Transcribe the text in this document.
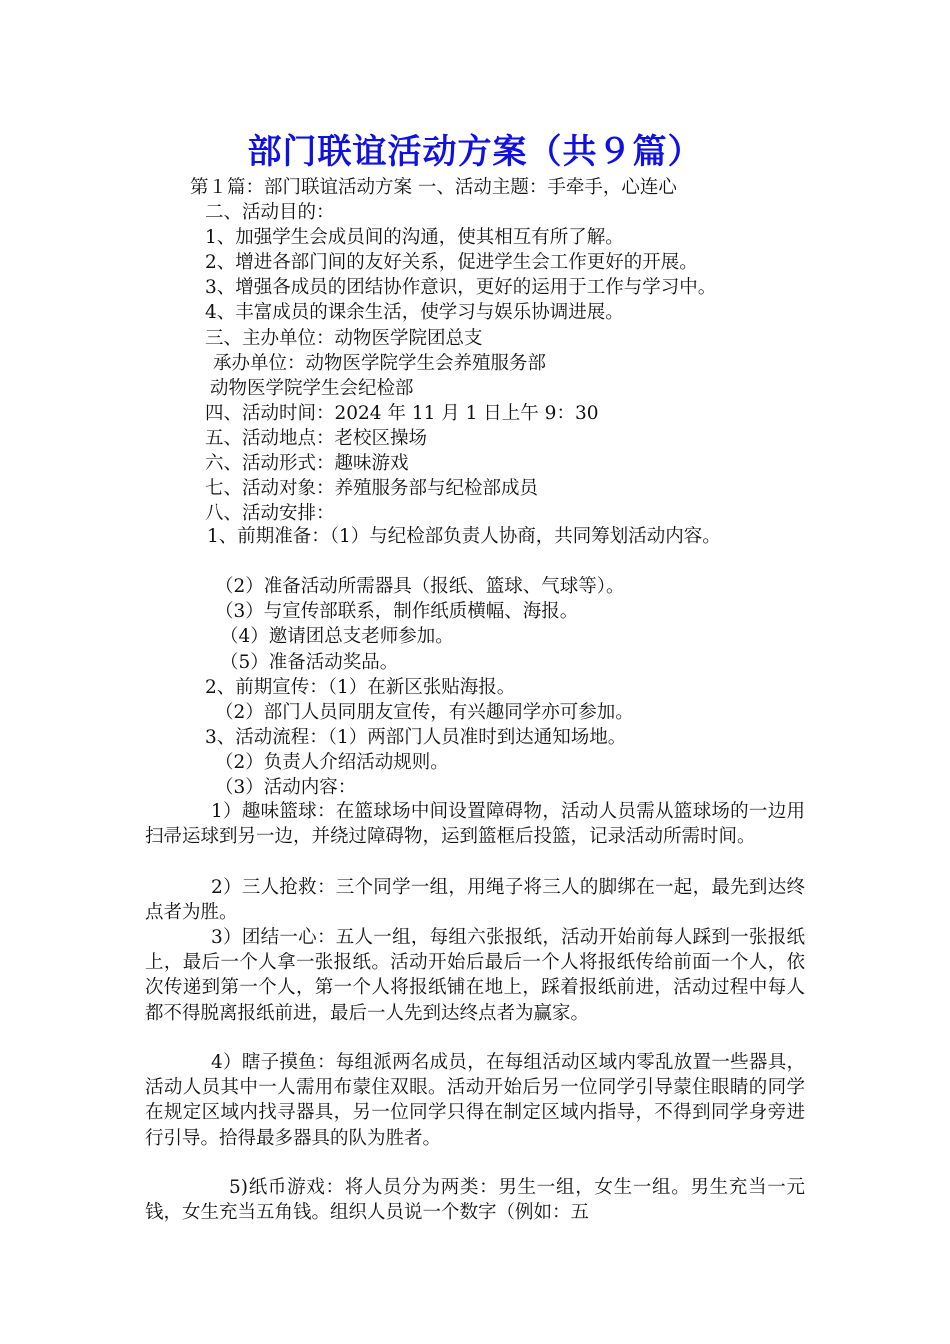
部门联谊活动方案（共９篇）
第１篇：部门联谊活动方案 一、活动主题：手牵手，心连心
二、活动目的：
1、加强学生会成员间的沟通，使其相互有所了解。
2、增进各部门间的友好关系，促进学生会工作更好的开展。
3、增强各成员的团结协作意识，更好的运用于工作与学习中。
4、丰富成员的课余生活，使学习与娱乐协调进展。
三、主办单位：动物医学院团总支
承办单位：动物医学院学生会养殖服务部
动物医学院学生会纪检部
四、活动时间：2024 年 11 月 1 日上午 9：30
五、活动地点：老校区操场
六、活动形式：趣味游戏
七、活动对象：养殖服务部与纪检部成员
八、活动安排：
1、前期准备：（1）与纪检部负责人协商，共同筹划活动内容。
（2）准备活动所需器具（报纸、篮球、气球等）。
（3）与宣传部联系，制作纸质横幅、海报。
（4）邀请团总支老师参加。
（5）准备活动奖品。
2、前期宣传：（1）在新区张贴海报。
（2）部门人员同朋友宣传，有兴趣同学亦可参加。
3、活动流程：（1）两部门人员准时到达通知场地。
（2）负责人介绍活动规则。
（3）活动内容：
1）趣味篮球：在篮球场中间设置障碍物，活动人员需从篮球场的一边用扫帚运球到另一边，并绕过障碍物，运到篮框后投篮，记录活动所需时间。
2）三人抢救：三个同学一组，用绳子将三人的脚绑在一起，最先到达终点者为胜。
3）团结一心：五人一组，每组六张报纸，活动开始前每人踩到一张报纸上，最后一个人拿一张报纸。活动开始后最后一个人将报纸传给前面一个人，依次传递到第一个人，第一个人将报纸铺在地上，踩着报纸前进，活动过程中每人都不得脱离报纸前进，最后一人先到达终点者为赢家。
4）瞎子摸鱼：每组派两名成员，在每组活动区域内零乱放置一些器具，活动人员其中一人需用布蒙住双眼。活动开始后另一位同学引导蒙住眼睛的同学在规定区域内找寻器具，另一位同学只得在制定区域内指导，不得到同学身旁进行引导。拾得最多器具的队为胜者。
5)纸币游戏：将人员分为两类：男生一组，女生一组。男生充当一元钱，女生充当五角钱。组织人员说一个数字（例如：五
